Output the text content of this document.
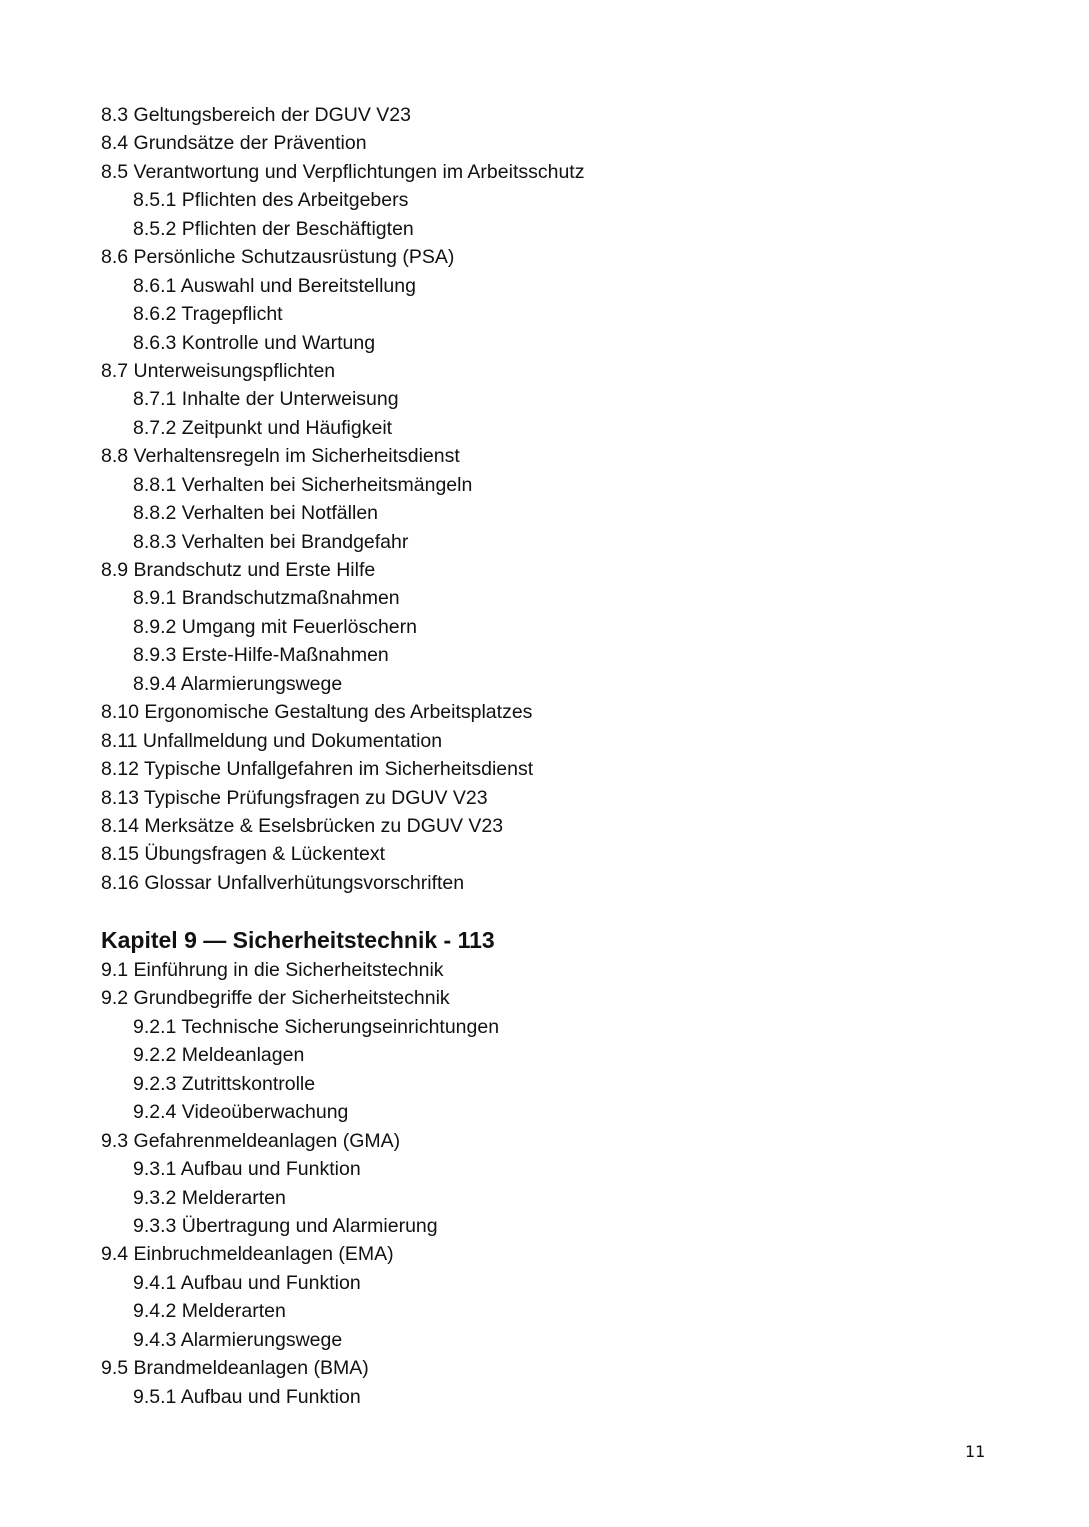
8.3 Geltungsbereich der DGUV V23
8.4 Grundsätze der Prävention
8.5 Verantwortung und Verpflichtungen im Arbeitsschutz
8.5.1 Pflichten des Arbeitgebers
8.5.2 Pflichten der Beschäftigten
8.6 Persönliche Schutzausrüstung (PSA)
8.6.1 Auswahl und Bereitstellung
8.6.2 Tragepflicht
8.6.3 Kontrolle und Wartung
8.7 Unterweisungspflichten
8.7.1 Inhalte der Unterweisung
8.7.2 Zeitpunkt und Häufigkeit
8.8 Verhaltensregeln im Sicherheitsdienst
8.8.1 Verhalten bei Sicherheitsmängeln
8.8.2 Verhalten bei Notfällen
8.8.3 Verhalten bei Brandgefahr
8.9 Brandschutz und Erste Hilfe
8.9.1 Brandschutzmaßnahmen
8.9.2 Umgang mit Feuerlöschern
8.9.3 Erste-Hilfe-Maßnahmen
8.9.4 Alarmierungswege
8.10 Ergonomische Gestaltung des Arbeitsplatzes
8.11 Unfallmeldung und Dokumentation
8.12 Typische Unfallgefahren im Sicherheitsdienst
8.13 Typische Prüfungsfragen zu DGUV V23
8.14 Merksätze & Eselsbrücken zu DGUV V23
8.15 Übungsfragen & Lückentext
8.16 Glossar Unfallverhütungsvorschriften
Kapitel 9 — Sicherheitstechnik - 113
9.1 Einführung in die Sicherheitstechnik
9.2 Grundbegriffe der Sicherheitstechnik
9.2.1 Technische Sicherungseinrichtungen
9.2.2 Meldeanlagen
9.2.3 Zutrittskontrolle
9.2.4 Videoüberwachung
9.3 Gefahrenmeldeanlagen (GMA)
9.3.1 Aufbau und Funktion
9.3.2 Melderarten
9.3.3 Übertragung und Alarmierung
9.4 Einbruchmeldeanlagen (EMA)
9.4.1 Aufbau und Funktion
9.4.2 Melderarten
9.4.3 Alarmierungswege
9.5 Brandmeldeanlagen (BMA)
9.5.1 Aufbau und Funktion
11
